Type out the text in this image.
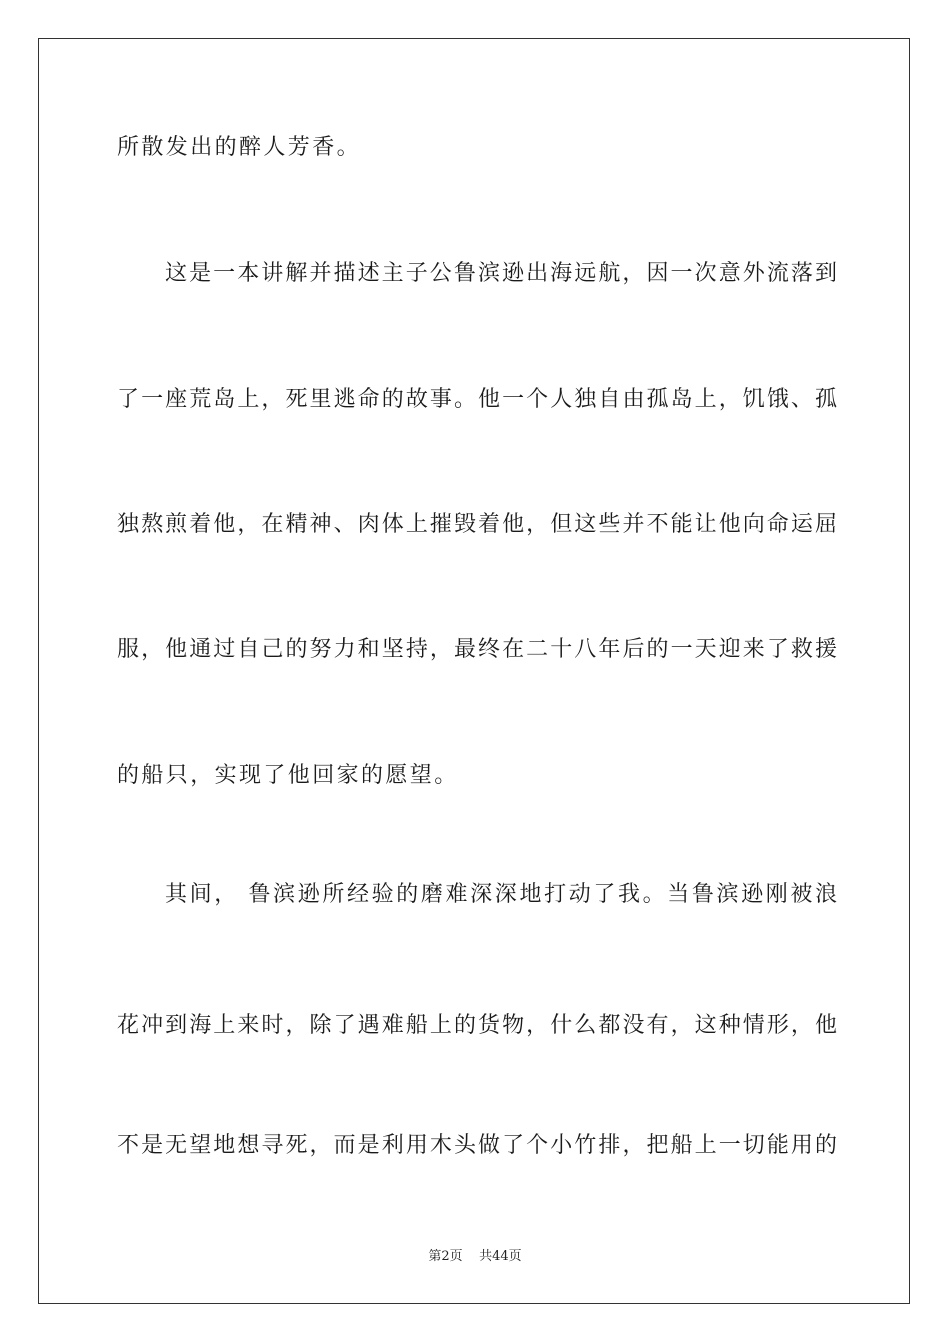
所散发出的醉人芳香。
这是一本讲解并描述主子公鲁滨逊出海远航，因一次意外流落到
了一座荒岛上，死里逃命的故事。他一个人独自由孤岛上，饥饿、孤
独熬煎着他，在精神、肉体上摧毁着他，但这些并不能让他向命运屈
服，他通过自己的努力和坚持，最终在二十八年后的一天迎来了救援
的船只，实现了他回家的愿望。
其间， 鲁滨逊所经验的磨难深深地打动了我。当鲁滨逊刚被浪
花冲到海上来时，除了遇难船上的货物，什么都没有，这种情形，他
不是无望地想寻死，而是利用木头做了个小竹排，把船上一切能用的
第2页    共44页
